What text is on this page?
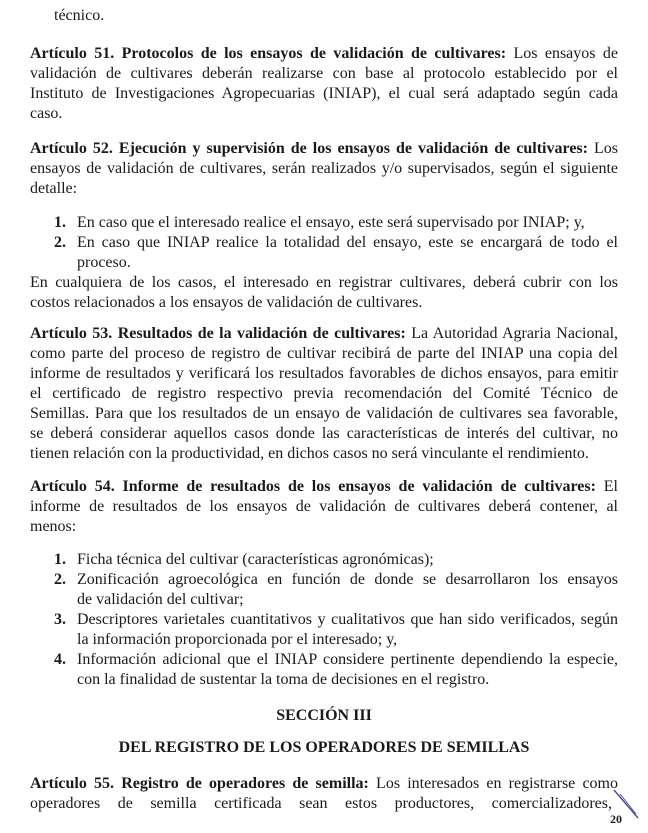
técnico.
Artículo 51. Protocolos de los ensayos de validación de cultivares: Los ensayos de
validación de cultivares deberán realizarse con base al protocolo establecido por el
Instituto de Investigaciones Agropecuarias (INIAP), el cual será adaptado según cada
caso.
Artículo 52. Ejecución y supervisión de los ensayos de validación de cultivares: Los
ensayos de validación de cultivares, serán realizados y/o supervisados, según el siguiente
detalle:
1. En caso que el interesado realice el ensayo, este será supervisado por INIAP; y,
2. En caso que INIAP realice la totalidad del ensayo, este se encargará de todo el
proceso.
En cualquiera de los casos, el interesado en registrar cultivares, deberá cubrir con los
costos relacionados a los ensayos de validación de cultivares.
Artículo 53. Resultados de la validación de cultivares: La Autoridad Agraria Nacional,
como parte del proceso de registro de cultivar recibirá de parte del INIAP una copia del
informe de resultados y verificará los resultados favorables de dichos ensayos, para emitir
el certificado de registro respectivo previa recomendación del Comité Técnico de
Semillas. Para que los resultados de un ensayo de validación de cultivares sea favorable,
se deberá considerar aquellos casos donde las características de interés del cultivar, no
tienen relación con la productividad, en dichos casos no será vinculante el rendimiento.
Artículo 54. Informe de resultados de los ensayos de validación de cultivares: El
informe de resultados de los ensayos de validación de cultivares deberá contener, al
menos:
1. Ficha técnica del cultivar (características agronómicas);
2. Zonificación agroecológica en función de donde se desarrollaron los ensayos
de validación del cultivar;
3. Descriptores varietales cuantitativos y cualitativos que han sido verificados, según
la información proporcionada por el interesado; y,
4. Información adicional que el INIAP considere pertinente dependiendo la especie,
con la finalidad de sustentar la toma de decisiones en el registro.
SECCIÓN III
DEL REGISTRO DE LOS OPERADORES DE SEMILLAS
Artículo 55. Registro de operadores de semilla: Los interesados en registrarse como
operadores de semilla certificada sean estos productores, comercializadores,
20
